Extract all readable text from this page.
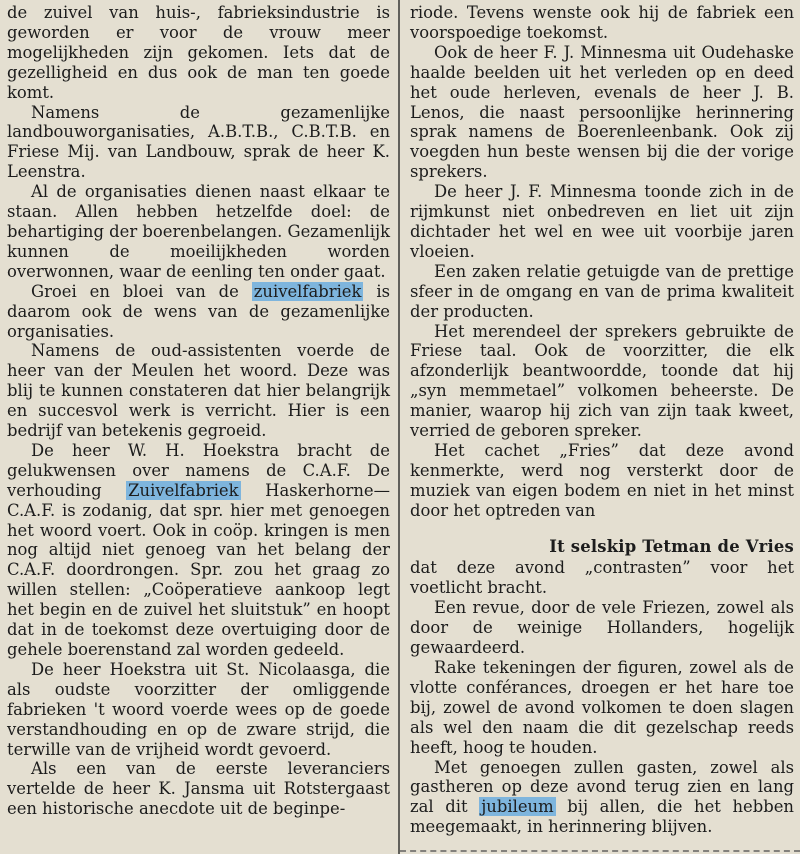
de zuivel van huis-, fabrieksindustrie is geworden er voor de vrouw meer mogelijkheden zijn gekomen. Iets dat de gezelligheid en dus ook de man ten goede komt.

Namens de gezamenlijke landbouworganisaties, A.B.T.B., C.B.T.B. en Friese Mij. van Landbouw, sprak de heer K. Leenstra.

Al de organisaties dienen naast elkaar te staan. Allen hebben hetzelfde doel: de behartiging der boerenbelangen. Gezamenlijk kunnen de moeilijkheden worden overwonnen, waar de eenling ten onder gaat.

Groei en bloei van de zuivelfabriek is daarom ook de wens van de gezamenlijke organisaties.

Namens de oud-assistenten voerde de heer van der Meulen het woord. Deze was blij te kunnen constateren dat hier belangrijk en succesvol werk is verricht. Hier is een bedrijf van betekenis gegroeid.

De heer W. H. Hoekstra bracht de gelukwensen over namens de C.A.F. De verhouding Zuivelfabriek Haskerhorne—C.A.F. is zodanig, dat spr. hier met genoegen het woord voert. Ook in coöp. kringen is men nog altijd niet genoeg van het belang der C.A.F. doordrongen. Spr. zou het graag zo willen stellen: „Coöperatieve aankoop legt het begin en de zuivel het sluitstuk” en hoopt dat in de toekomst deze overtuiging door de gehele boerenstand zal worden gedeeld.

De heer Hoekstra uit St. Nicolaasga, die als oudste voorzitter der omliggende fabrieken 't woord voerde wees op de goede verstandhouding en op de zware strijd, die terwille van de vrijheid wordt gevoerd.

Als een van de eerste leveranciers vertelde de heer K. Jansma uit Rotstergaast een historische anecdote uit de beginpe-

riode. Tevens wenste ook hij de fabriek een voorspoedige toekomst.

Ook de heer F. J. Minnesma uit Oudehaske haalde beelden uit het verleden op en deed het oude herleven, evenals de heer J. B. Lenos, die naast persoonlijke herinnering sprak namens de Boerenleenbank. Ook zij voegden hun beste wensen bij die der vorige sprekers.

De heer J. F. Minnesma toonde zich in de rijmkunst niet onbedreven en liet uit zijn dichtader het wel en wee uit voorbije jaren vloeien.

Een zaken relatie getuigde van de prettige sfeer in de omgang en van de prima kwaliteit der producten.

Het merendeel der sprekers gebruikte de Friese taal. Ook de voorzitter, die elk afzonderlijk beantwoordde, toonde dat hij „syn memmetael” volkomen beheerste. De manier, waarop hij zich van zijn taak kweet, verried de geboren spreker.

Het cachet „Fries” dat deze avond kenmerkte, werd nog versterkt door de muziek van eigen bodem en niet in het minst door het optreden van

It selskip Tetman de Vries

dat deze avond „contrasten” voor het voetlicht bracht.

Een revue, door de vele Friezen, zowel als door de weinige Hollanders, hogelijk gewaardeerd.

Rake tekeningen der figuren, zowel als de vlotte conférances, droegen er het hare toe bij, zowel de avond volkomen te doen slagen als wel den naam die dit gezelschap reeds heeft, hoog te houden.

Met genoegen zullen gasten, zowel als gastheren op deze avond terug zien en lang zal dit jubileum bij allen, die het hebben meegemaakt, in herinnering blijven.
